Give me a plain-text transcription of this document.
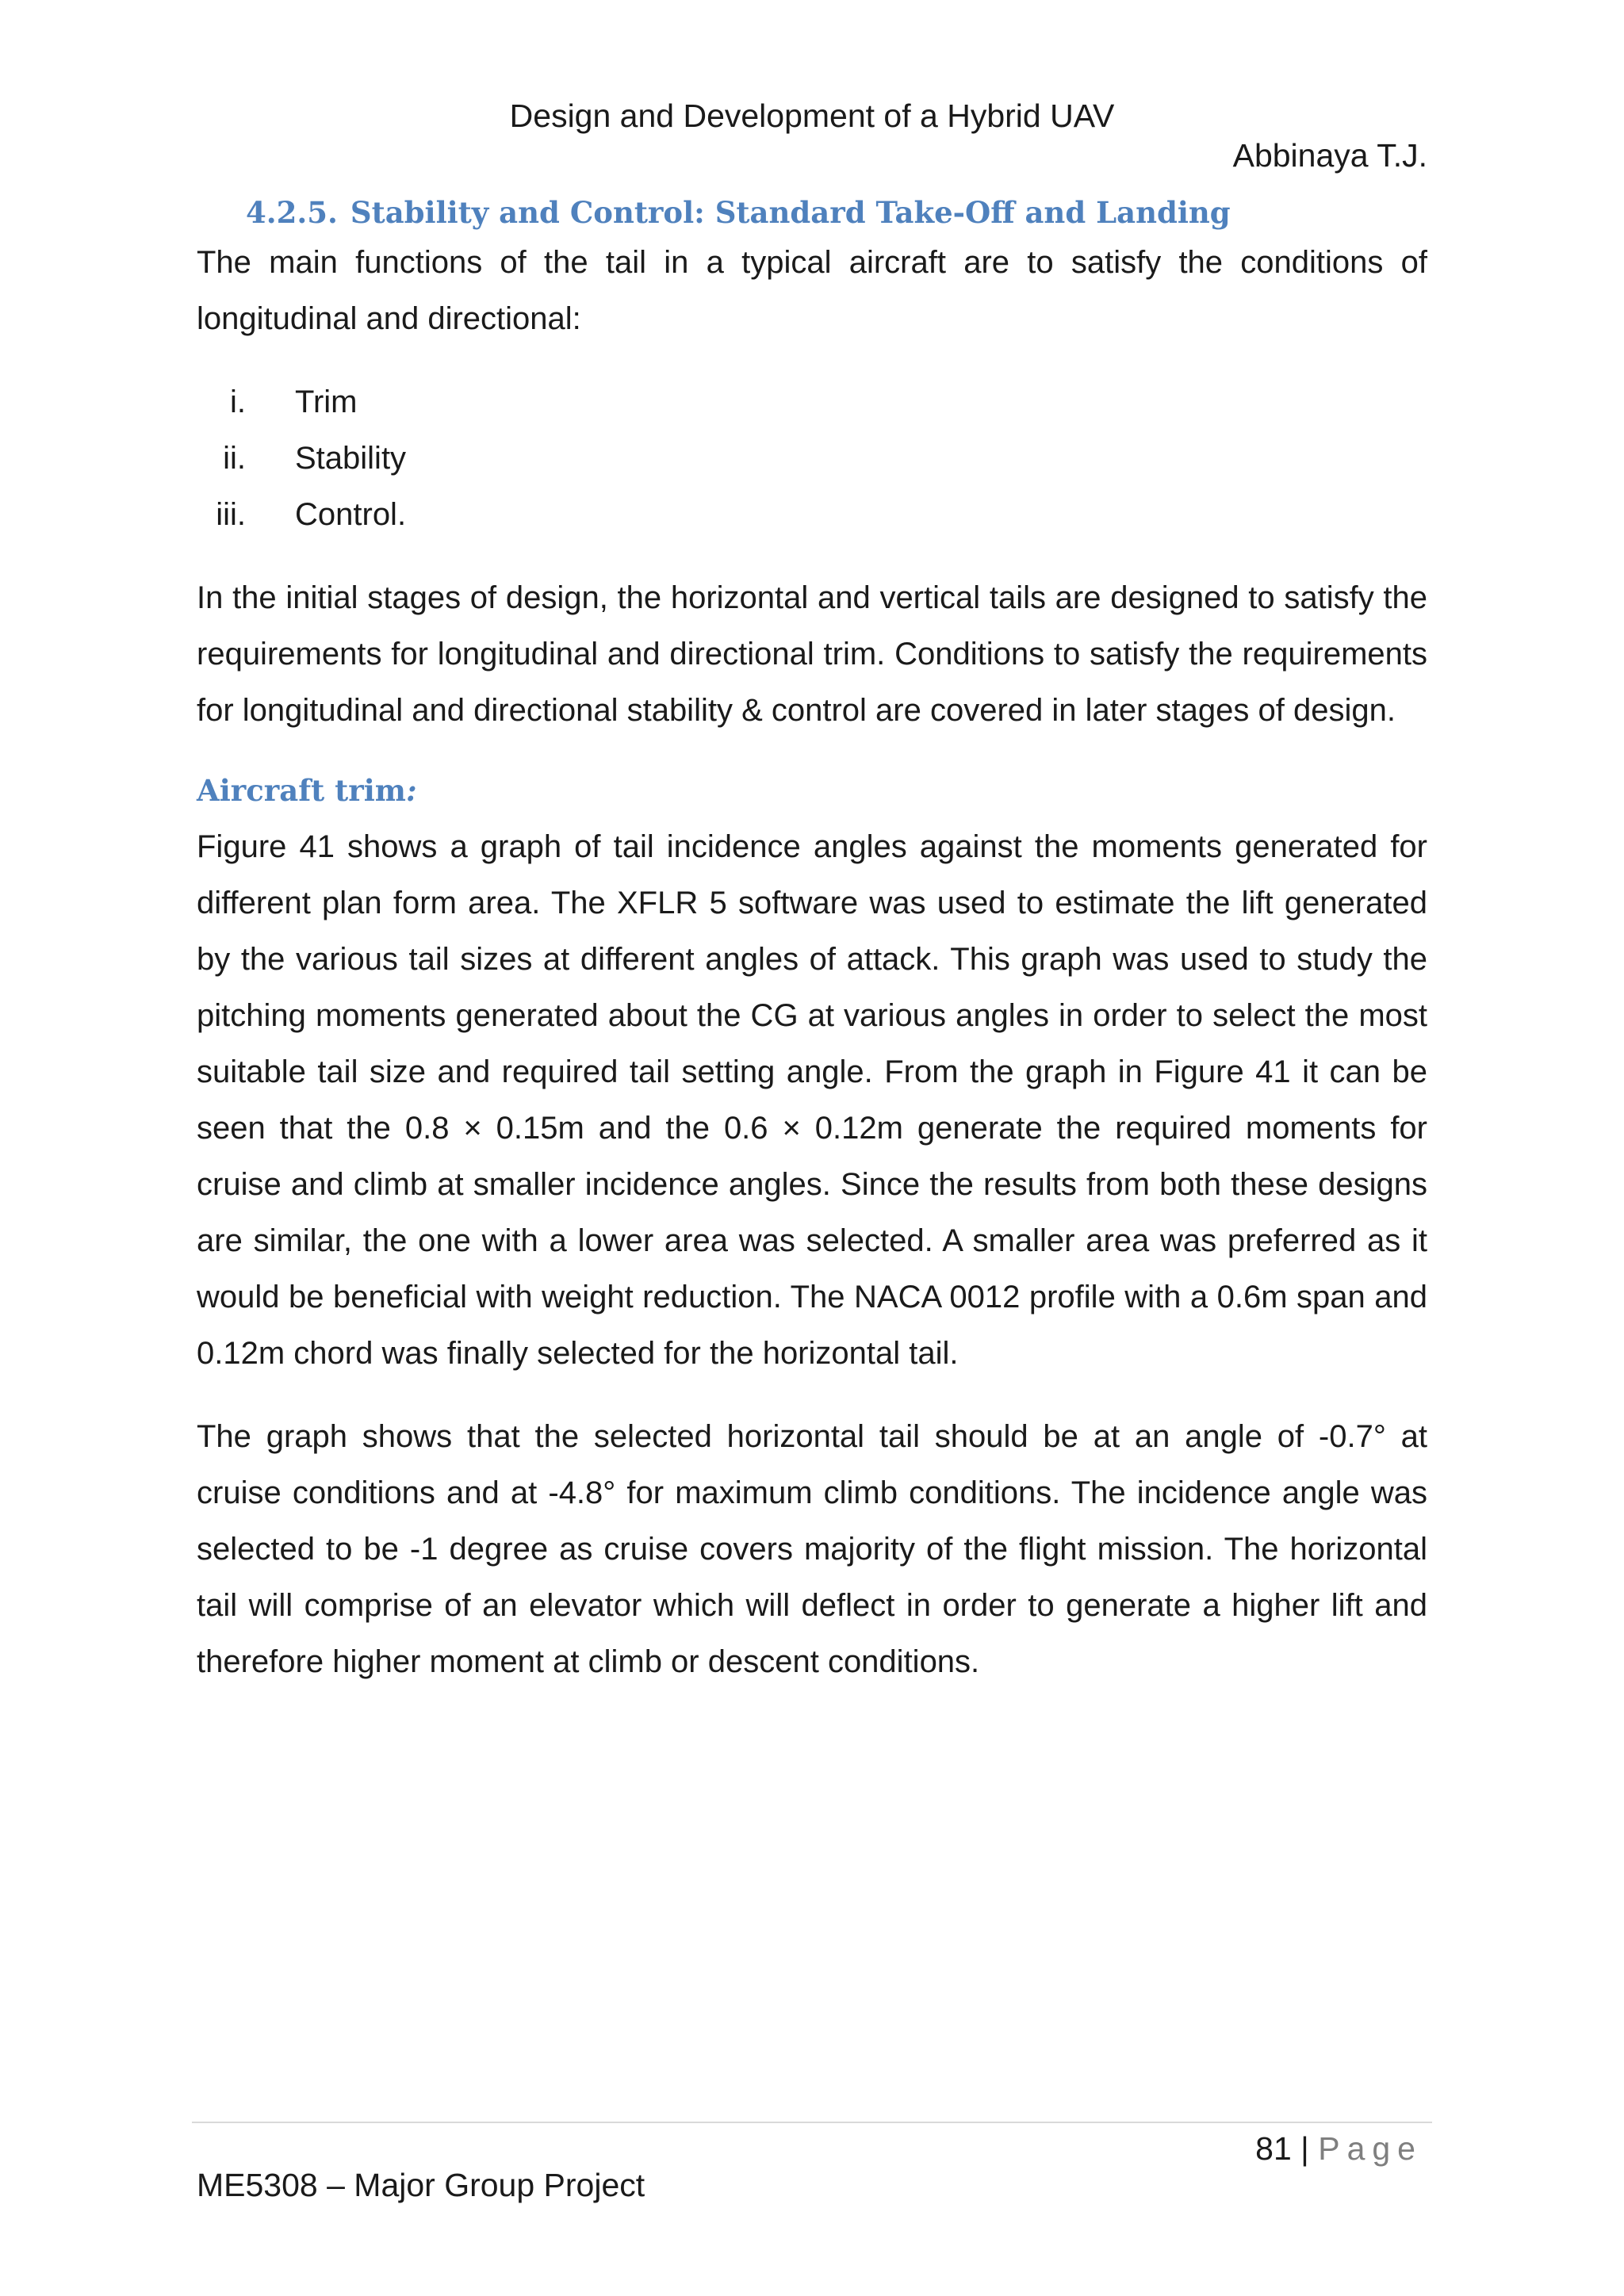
Design and Development of a Hybrid UAV
Abbinaya T.J.
4.2.5. Stability and Control: Standard Take-Off and Landing

The main functions of the tail in a typical aircraft are to satisfy the conditions of longitudinal and directional:

i. Trim
ii. Stability
iii. Control.

In the initial stages of design, the horizontal and vertical tails are designed to satisfy the requirements for longitudinal and directional trim. Conditions to satisfy the requirements for longitudinal and directional stability & control are covered in later stages of design.

Aircraft trim:

Figure 41 shows a graph of tail incidence angles against the moments generated for different plan form area. The XFLR 5 software was used to estimate the lift generated by the various tail sizes at different angles of attack. This graph was used to study the pitching moments generated about the CG at various angles in order to select the most suitable tail size and required tail setting angle. From the graph in Figure 41 it can be seen that the 0.8 × 0.15m and the 0.6 × 0.12m generate the required moments for cruise and climb at smaller incidence angles. Since the results from both these designs are similar, the one with a lower area was selected. A smaller area was preferred as it would be beneficial with weight reduction. The NACA 0012 profile with a 0.6m span and 0.12m chord was finally selected for the horizontal tail.

The graph shows that the selected horizontal tail should be at an angle of -0.7° at cruise conditions and at -4.8° for maximum climb conditions. The incidence angle was selected to be -1 degree as cruise covers majority of the flight mission. The horizontal tail will comprise of an elevator which will deflect in order to generate a higher lift and therefore higher moment at climb or descent conditions.

81 | Page
ME5308 – Major Group Project
